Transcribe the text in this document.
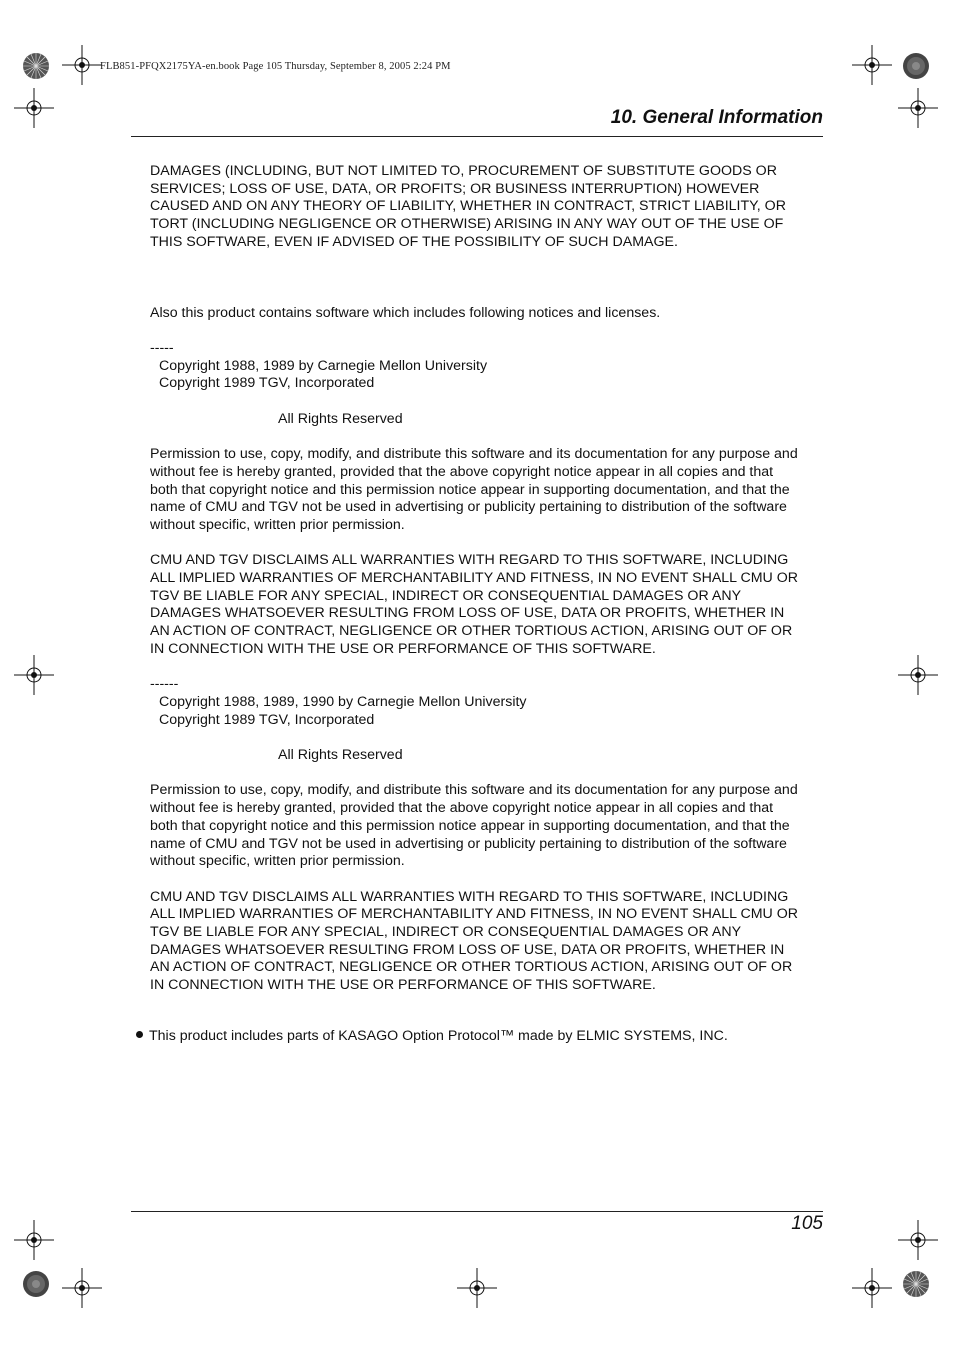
FLB851-PFQX2175YA-en.book Page 105 Thursday, September 8, 2005 2:24 PM
10. General Information

DAMAGES (INCLUDING, BUT NOT LIMITED TO, PROCUREMENT OF SUBSTITUTE GOODS OR
SERVICES; LOSS OF USE, DATA, OR PROFITS; OR BUSINESS INTERRUPTION) HOWEVER
CAUSED AND ON ANY THEORY OF LIABILITY, WHETHER IN CONTRACT, STRICT LIABILITY, OR
TORT (INCLUDING NEGLIGENCE OR OTHERWISE) ARISING IN ANY WAY OUT OF THE USE OF
THIS SOFTWARE, EVEN IF ADVISED OF THE POSSIBILITY OF SUCH DAMAGE.

Also this product contains software which includes following notices and licenses.

-----

Copyright 1988, 1989 by Carnegie Mellon University

Copyright 1989 TGV, Incorporated

All Rights Reserved

Permission to use, copy, modify, and distribute this software and its documentation for any purpose and
without fee is hereby granted, provided that the above copyright notice appear in all copies and that
both that copyright notice and this permission notice appear in supporting documentation, and that the
name of CMU and TGV not be used in advertising or publicity pertaining to distribution of the software
without specific, written prior permission.

CMU AND TGV DISCLAIMS ALL WARRANTIES WITH REGARD TO THIS SOFTWARE, INCLUDING
ALL IMPLIED WARRANTIES OF MERCHANTABILITY AND FITNESS, IN NO EVENT SHALL CMU OR
TGV BE LIABLE FOR ANY SPECIAL, INDIRECT OR CONSEQUENTIAL DAMAGES OR ANY
DAMAGES WHATSOEVER RESULTING FROM LOSS OF USE, DATA OR PROFITS, WHETHER IN
AN ACTION OF CONTRACT, NEGLIGENCE OR OTHER TORTIOUS ACTION, ARISING OUT OF OR
IN CONNECTION WITH THE USE OR PERFORMANCE OF THIS SOFTWARE.

------

Copyright 1988, 1989, 1990 by Carnegie Mellon University

Copyright 1989 TGV, Incorporated

All Rights Reserved

Permission to use, copy, modify, and distribute this software and its documentation for any purpose and
without fee is hereby granted, provided that the above copyright notice appear in all copies and that
both that copyright notice and this permission notice appear in supporting documentation, and that the
name of CMU and TGV not be used in advertising or publicity pertaining to distribution of the software
without specific, written prior permission.

CMU AND TGV DISCLAIMS ALL WARRANTIES WITH REGARD TO THIS SOFTWARE, INCLUDING
ALL IMPLIED WARRANTIES OF MERCHANTABILITY AND FITNESS, IN NO EVENT SHALL CMU OR
TGV BE LIABLE FOR ANY SPECIAL, INDIRECT OR CONSEQUENTIAL DAMAGES OR ANY
DAMAGES WHATSOEVER RESULTING FROM LOSS OF USE, DATA OR PROFITS, WHETHER IN
AN ACTION OF CONTRACT, NEGLIGENCE OR OTHER TORTIOUS ACTION, ARISING OUT OF OR
IN CONNECTION WITH THE USE OR PERFORMANCE OF THIS SOFTWARE.

This product includes parts of KASAGO Option Protocol™ made by ELMIC SYSTEMS, INC.
105
